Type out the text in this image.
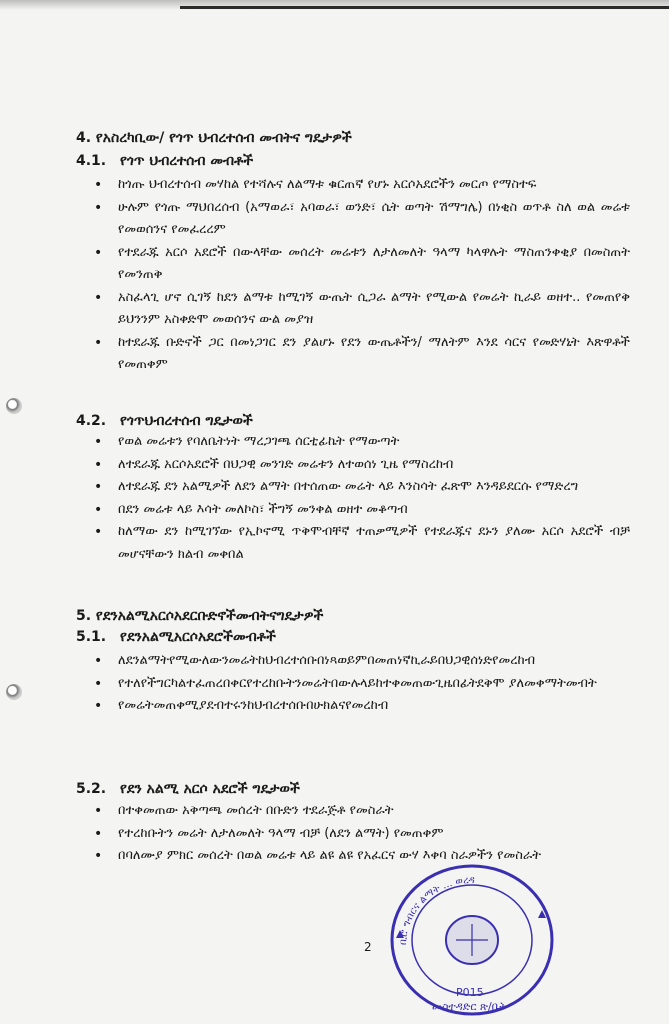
4. የአስረካቢው/ የጎጥ ህብረተሰብ መብትና ግዴታዎች
4.1. የጎጥ ህብረተሰብ መብቶች
• ከጎጡ ህብረተሰብ መሃከል የተሻሉና ለልማቱ ቁርጠኛ የሆኑ አርሶአደሮችን መርጦ የማስተፍ
• ሁሉም የጎጡ ማህበረሰብ (አማወራ፣ አባወራ፣ ወንድ፣ ሴት ወጣት ሽማግሌ) በነቂስ ወጥቶ ስለ ወል መሬቱ የመወሰንና የመፈረረም
• የተደራጁ አርሶ አደሮች በውላቸው መሰረት መሬቱን ለታለመለት ዓላማ ካላዋሉት ማስጠንቀቂያ በመስጠት የመንጠቅ
• አስፈላጊ ሆኖ ሲገኝ ከደን ልማቱ ከሚገኝ ውጤት ሲጋራ ልማት የሚውል የመሬት ኪራይ ወዘተ.. የመጠየቅ ይህንንም አስቀድሞ መወሰንና ውል መያዝ
• ከተደራጁ ቡድኖች ጋር በመነጋገር ደን ያልሆኑ የደን ውጤቶችን/ ማለትም እንደ ሳርና የመድሃኒት እጽዋቶች የመጠቀም
4.2. የጎጥህብረተሰብ ግዴታወች
• የወል መሬቱን የባለቤትነት ማረጋገጫ ሰርቲፊኬት የማውጣት
• ለተደራጁ አርሶአደሮች በህጋዊ መንገድ መሬቱን ለተወሰነ ጊዜ የማስረከብ
• ለተደራጁ ደን አልሚዎች ለደን ልማት በተሰጠው መሬት ላይ እንስሳት ፈጽሞ እንዳይደርሱ የማድረግ
• በደን መሬቱ ላይ እሳት መለኮስ፣ ችግኝ መንቀል ወዘተ መቆጣብ
• ከለማው ደን ከሚገኘው የኢኮኖሚ ጥቅሞብቸኛ ተጠቃሚዎች የተደራጁና ደኑን ያለሙ አርሶ አደሮች ብቻ መሆናቸውን ክልብ መቀበል
5. የደንአልሚአርሶአደርቡድኖችመብትናግዴታዎች
5.1. የደንአልሚአርሶአደሮችመብቶች
• ለደንልማትየሚውለውንመሬትከህብረተሰቡበነጻወይምበመጠነኛኪራይበህጋዊሰነድየመረከብ
• የተለየችግርካልተፈጠረበቀርየተረከቡትንመሬትበውሉላይከተቀመጠውጊዜበፊትደቅሞ ያለመቀማትመብት
• የመሬትመጠቀሚያደብተሩንከህብረተሰቡበሁክልናየመረከብ
5.2. የደን አልሚ አርሶ አደሮች ግዴታወች
• በተቀመጠው አቅጣጫ መሰረት በቡድን ተደራጅቶ የመስራት
• የተረከቡትን መሬት ለታለመለት ዓላማ ብቻ (ለደን ልማት) የመጠቀም
• በባለሙያ ምክር መሰረት በወል መሬቱ ላይ ልዩ ልዩ የአፈርና ውሃ እቀባ ስራዎችን የመስራት
2	ቢሮ ግብርና ልማት ... ወረዳ
P015
መስተዳድር ጽ/ቤት
